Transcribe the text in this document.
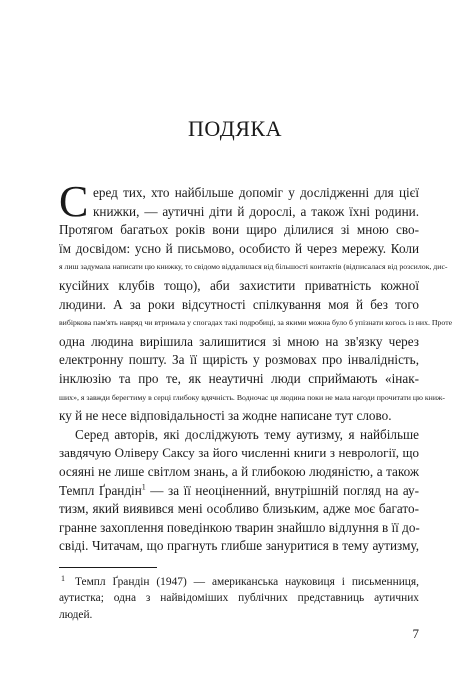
ПОДЯКА
С еред тих, хто найбільше допоміг у дослідженні для цієї
книжки, — аутичні діти й дорослі, а також їхні родини.
Протягом багатьох років вони щиро ділилися зі мною сво-
їм досвідом: усно й письмово, особисто й через мережу. Коли
я лиш задумала написати цю книжку, то свідомо віддалилася від більшості контактів (відписалася від розсилок, дис-
кусійних клубів тощо), аби захистити приватність кожної
людини. А за роки відсутності спілкування моя й без того
вибіркова пам'ять навряд чи втримала у спогадах такі подробиці, за якими можна було б упізнати когось із них. Проте
одна людина вирішила залишитися зі мною на зв'язку через
електронну пошту. За її щирість у розмовах про інвалідність,
інклюзію та про те, як неаутичні люди сприймають «інак-
ших», я завжди берегтиму в серці глибоку вдячність. Водночас ця людина поки не мала нагоди прочитати цю книж-
ку й не несе відповідальності за жодне написане тут слово.
Серед авторів, які досліджують тему аутизму, я найбільше
завдячую Оліверу Саксу за його численні книги з неврології, що
осяяні не лише світлом знань, а й глибокою людяністю, а також
Темпл Ґрандін$^1$ — за її неоціненний, внутрішній погляд на ау-
тизм, який виявився мені особливо близьким, адже моє багато-
гранне захоплення поведінкою тварин знайшло відлуння в її до-
свіді. Читачам, що прагнуть глибше зануритися в тему аутизму,
1 Темпл Ґрандін (1947) — американська науковиця і письменниця,
аутистка; одна з найвідоміших публічних представниць аутичних
людей.
7
